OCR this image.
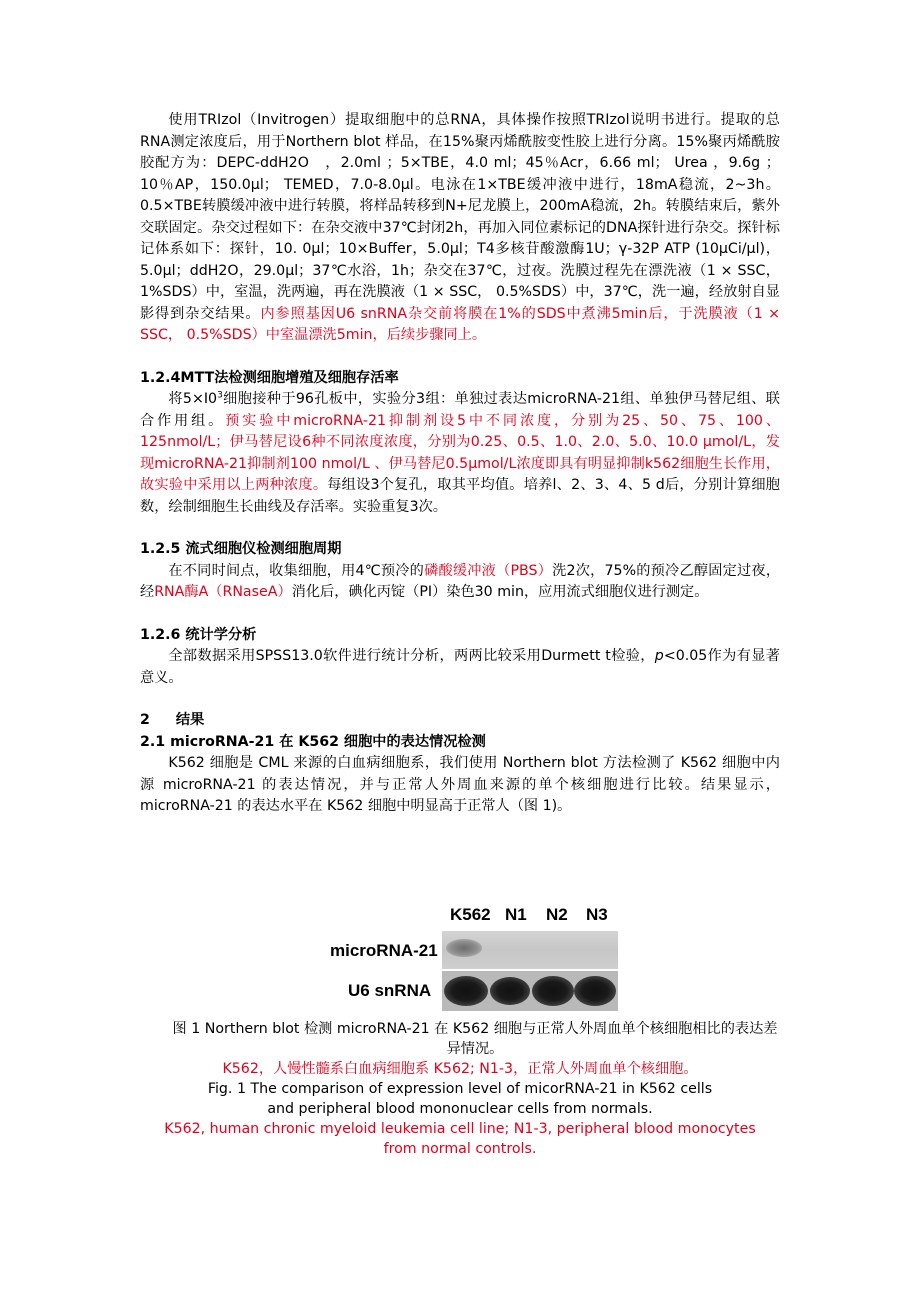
使用TRIzol（Invitrogen）提取细胞中的总RNA，具体操作按照TRIzol说明书进行。提取的总RNA测定浓度后，用于Northern blot 样品，在15%聚丙烯酰胺变性胶上进行分离。15%聚丙烯酰胺胶配方为：DEPC-ddH2O　，2.0ml ；5×TBE，4.0 ml；45％Acr，6.66 ml； Urea ，9.6g ；10％AP，150.0μl； TEMED，7.0-8.0μl。电泳在1×TBE缓冲液中进行，18mA稳流，2~3h。0.5×TBE转膜缓冲液中进行转膜，将样品转移到N+尼龙膜上，200mA稳流，2h。转膜结束后，紫外交联固定。杂交过程如下：在杂交液中37℃封闭2h，再加入同位素标记的DNA探针进行杂交。探针标记体系如下：探针，10. 0μl；10×Buffer，5.0μl；T4多核苷酸激酶1U；γ-32P ATP (10μCi/μl)，5.0μl；ddH2O，29.0μl；37℃水浴，1h；杂交在37℃，过夜。洗膜过程先在漂洗液（1 × SSC， 1%SDS）中，室温，洗两遍，再在洗膜液（1 × SSC， 0.5%SDS）中，37℃，洗一遍，经放射自显影得到杂交结果。内参照基因U6 snRNA杂交前将膜在1%的SDS中煮沸5min后，于洗膜液（1 × SSC， 0.5%SDS）中室温漂洗5min，后续步骤同上。

1.2.4MTT法检测细胞增殖及细胞存活率

将$5\times I0^3$细胞接种于96孔板中，实验分3组：单独过表达microRNA-21组、单独伊马替尼组、联合作用组。预实验中microRNA-21抑制剂设5中不同浓度，分别为25、50、75、100、125nmol/L；伊马替尼设6种不同浓度浓度，分别为0.25、0.5、1.0、2.0、5.0、10.0 μmol/L，发现microRNA-21抑制剂100 nmol/L 、伊马替尼0.5μmol/L浓度即具有明显抑制k562细胞生长作用，故实验中采用以上两种浓度。每组设3个复孔，取其平均值。培养l、2、3、4、5 d后，分别计算细胞数，绘制细胞生长曲线及存活率。实验重复3次。

1.2.5 流式细胞仪检测细胞周期

在不同时间点，收集细胞，用4℃预冷的磷酸缓冲液（PBS）洗2次，75%的预冷乙醇固定过夜，经RNA酶A（RNaseA）消化后，碘化丙锭（PI）染色30 min，应用流式细胞仪进行测定。

1.2.6 统计学分析

全部数据采用SPSS13.0软件进行统计分析，两两比较采用Durmett t检验，p<0.05作为有显著意义。

2 结果

2.1 microRNA-21 在 K562 细胞中的表达情况检测

K562 细胞是 CML 来源的白血病细胞系，我们使用 Northern blot 方法检测了 K562 细胞中内源 microRNA-21 的表达情况，并与正常人外周血来源的单个核细胞进行比较。结果显示，microRNA-21 的表达水平在 K562 细胞中明显高于正常人（图 1)。

K562 N1 N2 N3
microRNA-21
U6 snRNA

图 1 Northern blot 检测 microRNA-21 在 K562 细胞与正常人外周血单个核细胞相比的表达差异情况。

K562，人慢性髓系白血病细胞系 K562; N1-3，正常人外周血单个核细胞。

Fig. 1 The comparison of expression level of micorRNA-21 in K562 cells and peripheral blood mononuclear cells from normals.

K562, human chronic myeloid leukemia cell line; N1-3, peripheral blood monocytes from normal controls.
